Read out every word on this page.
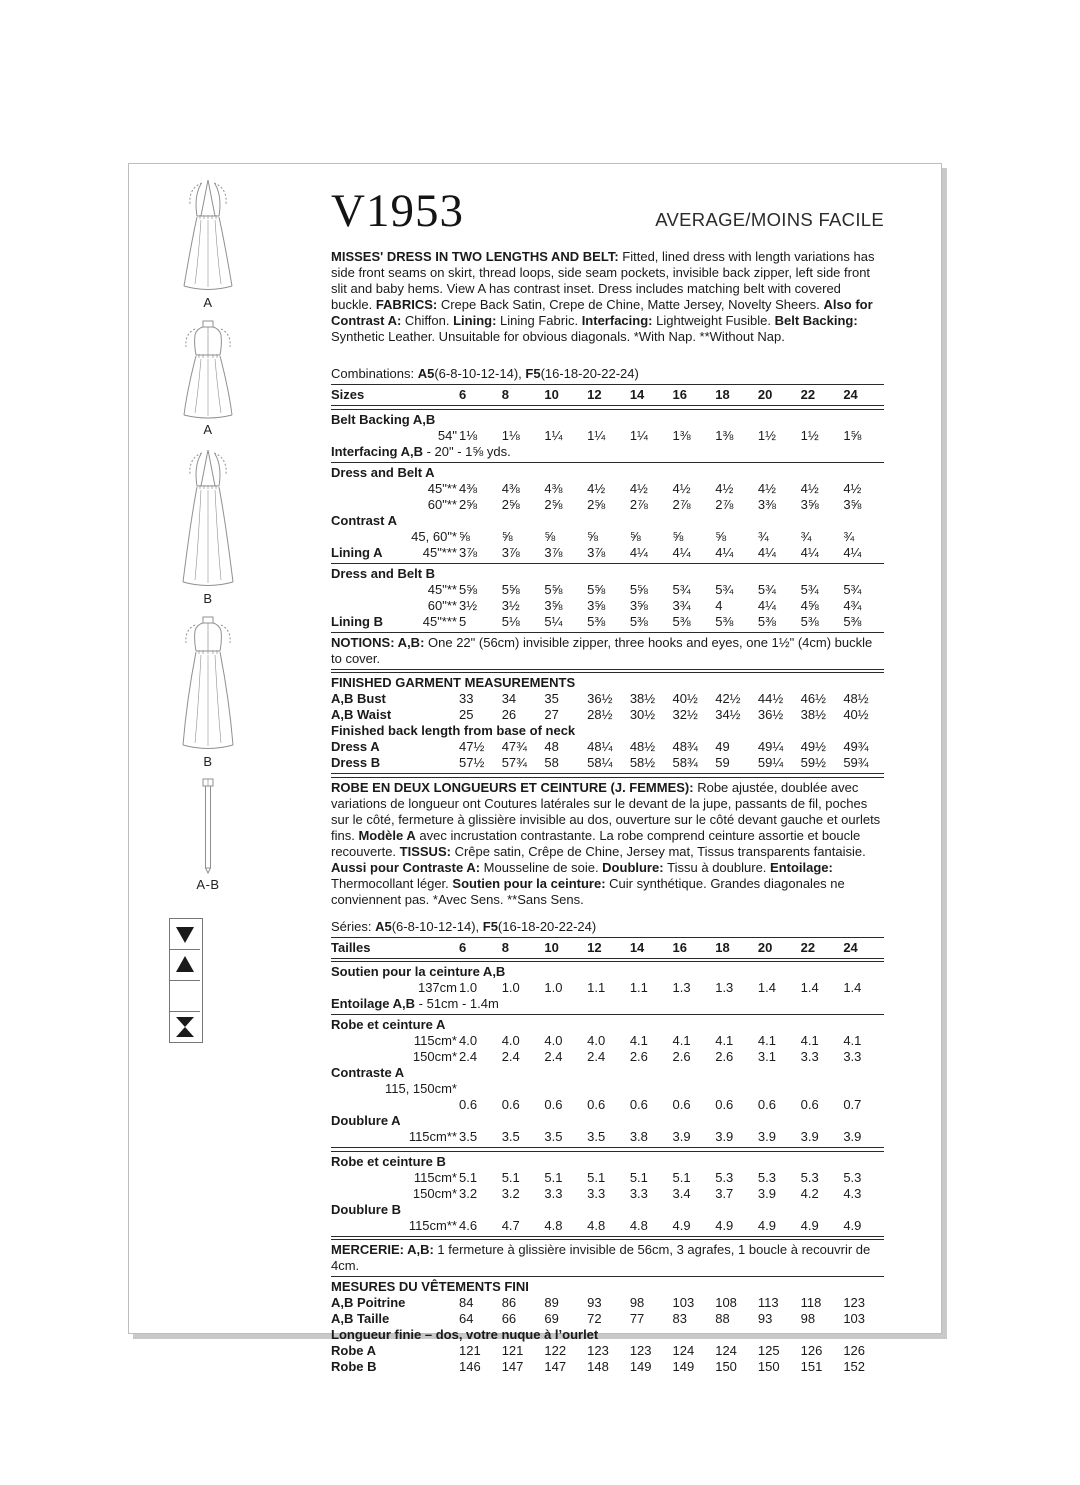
A
A
B
B
A-B
V1953	AVERAGE/MOINS FACILE
MISSES' DRESS IN TWO LENGTHS AND BELT: Fitted, lined dress with length variations has side front seams on skirt, thread loops, side seam pockets, invisible back zipper, left side front slit and baby hems. View A has contrast inset. Dress includes matching belt with covered buckle. FABRICS: Crepe Back Satin, Crepe de Chine, Matte Jersey, Novelty Sheers. Also for Contrast A: Chiffon. Lining: Lining Fabric. Interfacing: Lightweight Fusible. Belt Backing: Synthetic Leather. Unsuitable for obvious diagonals. *With Nap. **Without Nap.
Combinations: A5(6-8-10-12-14), F5(16-18-20-22-24)
Sizes	6	8	10	12	14	16	18	20	22	24
Belt Backing A,B
54" 1⅛	1⅛	1¼	1¼	1¼	1⅜	1⅜	1½	1½	1⅝
Interfacing A,B - 20" - 1⅝ yds.
Dress and Belt A
45"** 4⅜	4⅜	4⅜	4½	4½	4½	4½	4½	4½	4½
60"** 2⅝	2⅝	2⅝	2⅝	2⅞	2⅞	2⅞	3⅜	3⅝	3⅝
Contrast A
45, 60"* ⅝	⅝	⅝	⅝	⅝	⅝	⅝	¾	¾	¾
Lining A	45"*** 3⅞	3⅞	3⅞	3⅞	4¼	4¼	4¼	4¼	4¼	4¼
Dress and Belt B
45"** 5⅝	5⅝	5⅝	5⅝	5⅝	5¾	5¾	5¾	5¾	5¾
60"** 3½	3½	3⅝	3⅝	3⅝	3¾	4	4¼	4⅝	4¾
Lining B	45"*** 5	5⅛	5¼	5⅜	5⅜	5⅜	5⅜	5⅜	5⅜	5⅜
NOTIONS: A,B: One 22" (56cm) invisible zipper, three hooks and eyes, one 1½" (4cm) buckle to cover.
FINISHED GARMENT MEASUREMENTS
A,B Bust	33	34	35	36½	38½	40½	42½	44½	46½	48½
A,B Waist	25	26	27	28½	30½	32½	34½	36½	38½	40½
Finished back length from base of neck
Dress A	47½	47¾	48	48¼	48½	48¾	49	49¼	49½	49¾
Dress B	57½	57¾	58	58¼	58½	58¾	59	59¼	59½	59¾
ROBE EN DEUX LONGUEURS ET CEINTURE (J. FEMMES): Robe ajustée, doublée avec variations de longueur ont Coutures latérales sur le devant de la jupe, passants de fil, poches sur le côté, fermeture à glissière invisible au dos, ouverture sur le côté devant gauche et ourlets fins. Modèle A avec incrustation contrastante. La robe comprend ceinture assortie et boucle recouverte. TISSUS: Crêpe satin, Crêpe de Chine, Jersey mat, Tissus transparents fantaisie. Aussi pour Contraste A: Mousseline de soie. Doublure: Tissu à doublure. Entoilage: Thermocollant léger. Soutien pour la ceinture: Cuir synthétique. Grandes diagonales ne conviennent pas. *Avec Sens. **Sans Sens.
Séries: A5(6-8-10-12-14), F5(16-18-20-22-24)
Tailles	6	8	10	12	14	16	18	20	22	24
Soutien pour la ceinture A,B
137cm 1.0	1.0	1.0	1.1	1.1	1.3	1.3	1.4	1.4	1.4
Entoilage A,B - 51cm - 1.4m
Robe et ceinture A
115cm* 4.0	4.0	4.0	4.0	4.1	4.1	4.1	4.1	4.1	4.1
150cm* 2.4	2.4	2.4	2.4	2.6	2.6	2.6	3.1	3.3	3.3
Contraste A
115, 150cm*
0.6	0.6	0.6	0.6	0.6	0.6	0.6	0.6	0.6	0.7
Doublure A
115cm** 3.5	3.5	3.5	3.5	3.8	3.9	3.9	3.9	3.9	3.9
Robe et ceinture B
115cm* 5.1	5.1	5.1	5.1	5.1	5.1	5.3	5.3	5.3	5.3
150cm* 3.2	3.2	3.3	3.3	3.3	3.4	3.7	3.9	4.2	4.3
Doublure B
115cm** 4.6	4.7	4.8	4.8	4.8	4.9	4.9	4.9	4.9	4.9
MERCERIE: A,B: 1 fermeture à glissière invisible de 56cm, 3 agrafes, 1 boucle à recouvrir de 4cm.
MESURES DU VÊTEMENTS FINI
A,B Poitrine	84	86	89	93	98	103	108	113	118	123
A,B Taille	64	66	69	72	77	83	88	93	98	103
Longueur finie – dos, votre nuque à l’ourlet
Robe A	121	121	122	123	123	124	124	125	126	126
Robe B	146	147	147	148	149	149	150	150	151	152
